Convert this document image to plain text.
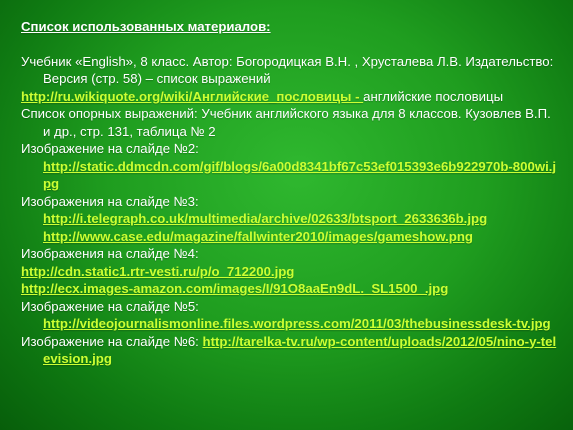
Список использованных материалов:
Учебник «English», 8 класс. Автор: Богородицкая В.Н. , Хрусталева Л.В. Издательство: Версия (стр. 58) – список выражений
http://ru.wikiquote.org/wiki/Английские_пословицы - английские пословицы
Список опорных выражений: Учебник английского языка для 8 классов. Кузовлев В.П. и др., стр. 131, таблица № 2
Изображение на слайде №2:
http://static.ddmcdn.com/gif/blogs/6a00d8341bf67c53ef015393e6b922970b-800wi.jpg
Изображения на слайде №3:
http://i.telegraph.co.uk/multimedia/archive/02633/btsport_2633636b.jpg
http://www.case.edu/magazine/fallwinter2010/images/gameshow.png
Изображения на слайде №4:
http://cdn.static1.rtr-vesti.ru/p/o_712200.jpg
http://ecx.images-amazon.com/images/I/91O8aaEn9dL._SL1500_.jpg
Изображение на слайде №5:
http://videojournalismonline.files.wordpress.com/2011/03/thebusinessdesk-tv.jpg
Изображение на слайде №6: http://tarelka-tv.ru/wp-content/uploads/2012/05/nino-y-television.jpg
